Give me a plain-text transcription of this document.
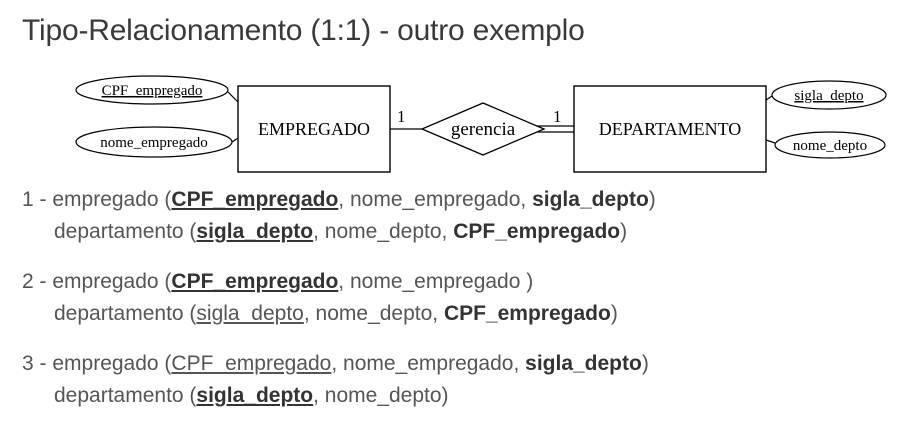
Tipo-Relacionamento (1:1) - outro exemplo
CPF_empregado
nome_empregado
EMPREGADO
1
gerencia
1
DEPARTAMENTO
sigla_depto
nome_depto
1 - empregado (CPF_empregado, nome_empregado, sigla_depto)
departamento (sigla_depto, nome_depto, CPF_empregado)
2 - empregado (CPF_empregado, nome_empregado )
departamento (sigla_depto, nome_depto, CPF_empregado)
3 - empregado (CPF_empregado, nome_empregado, sigla_depto)
departamento (sigla_depto, nome_depto)
